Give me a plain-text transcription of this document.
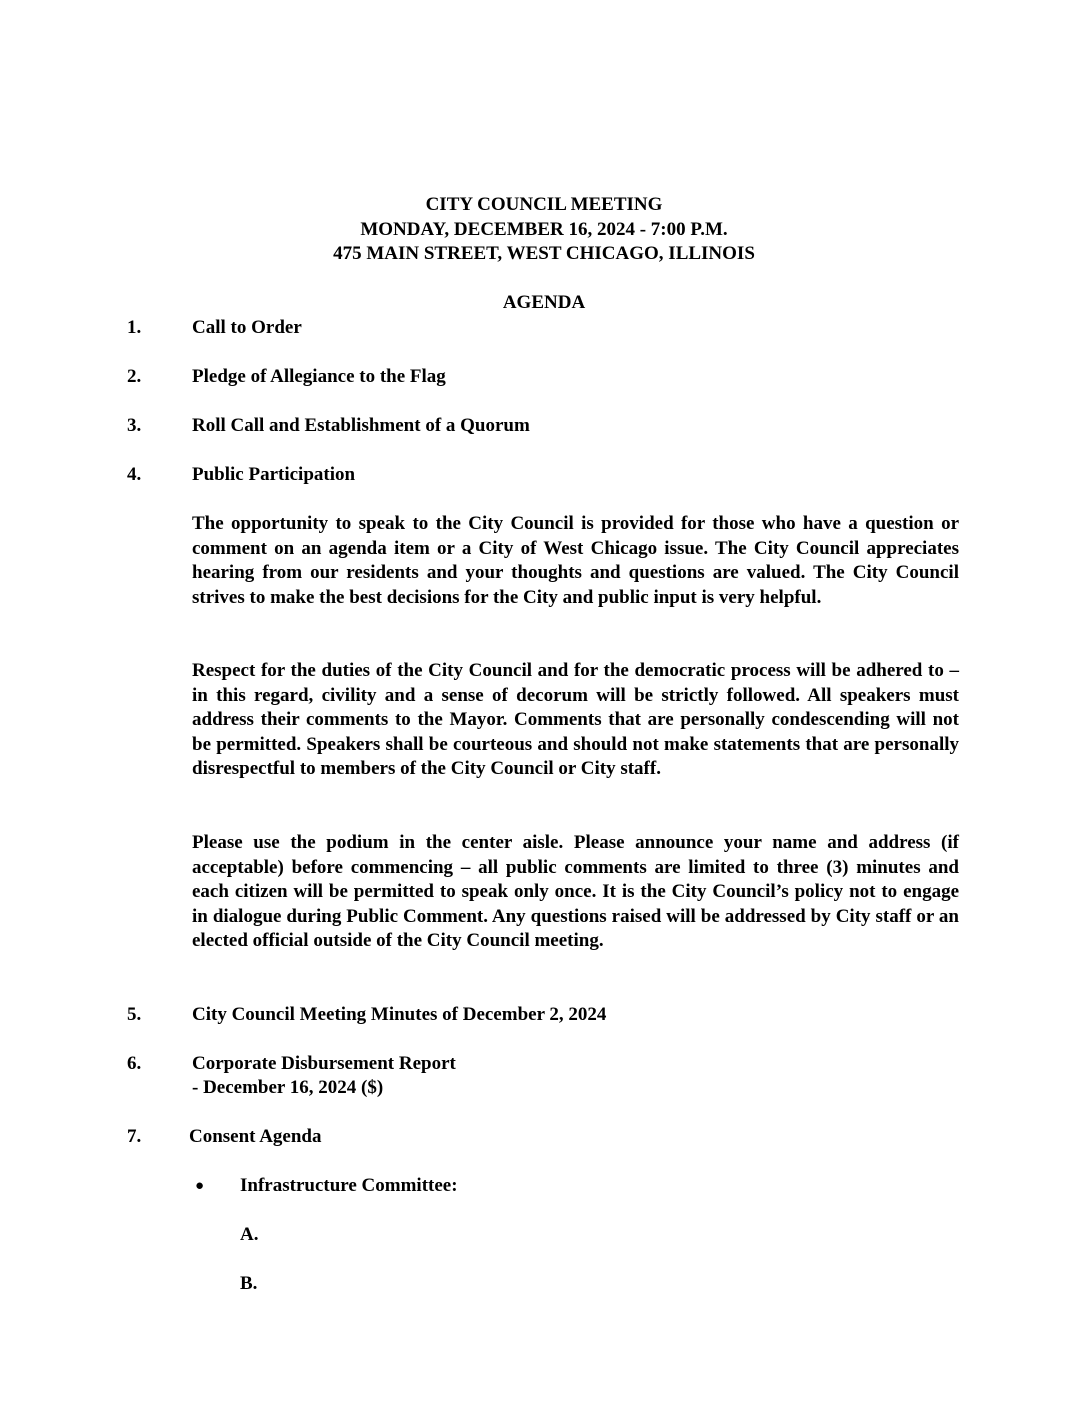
CITY COUNCIL MEETING
MONDAY, DECEMBER 16, 2024 - 7:00 P.M.
475 MAIN STREET, WEST CHICAGO, ILLINOIS
AGENDA
1.	Call to Order
2.	Pledge of Allegiance to the Flag
3.	Roll Call and Establishment of a Quorum
4.	Public Participation

The opportunity to speak to the City Council is provided for those who have a question or comment on an agenda item or a City of West Chicago issue. The City Council appreciates hearing from our residents and your thoughts and questions are valued. The City Council strives to make the best decisions for the City and public input is very helpful.

Respect for the duties of the City Council and for the democratic process will be adhered to – in this regard, civility and a sense of decorum will be strictly followed. All speakers must address their comments to the Mayor. Comments that are personally condescending will not be permitted. Speakers shall be courteous and should not make statements that are personally disrespectful to members of the City Council or City staff.

Please use the podium in the center aisle. Please announce your name and address (if acceptable) before commencing – all public comments are limited to three (3) minutes and each citizen will be permitted to speak only once. It is the City Council’s policy not to engage in dialogue during Public Comment. Any questions raised will be addressed by City staff or an elected official outside of the City Council meeting.

5.	City Council Meeting Minutes of December 2, 2024
6.	Corporate Disbursement Report
- December 16, 2024 ($)
7.	Consent Agenda
● Infrastructure Committee:
A.
B.
